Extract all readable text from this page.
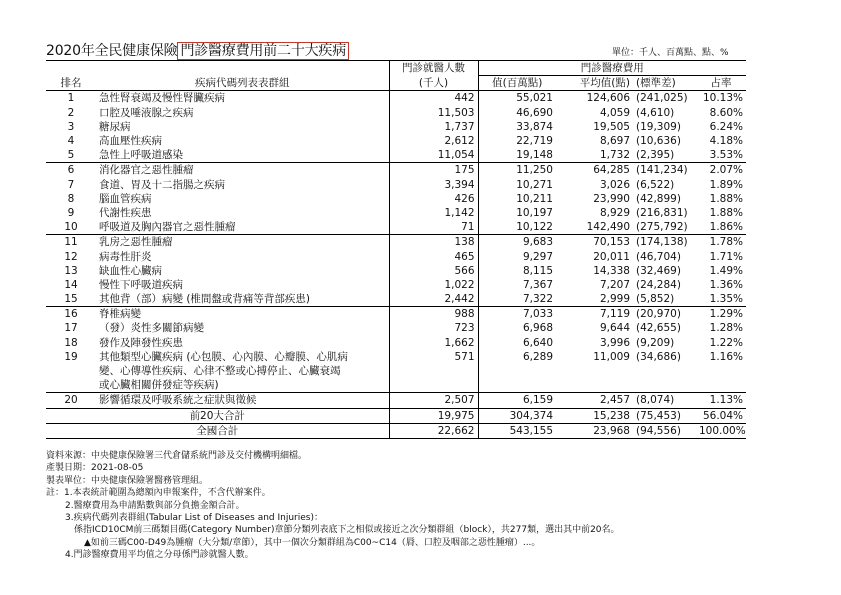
2020年全民健康保險 門診醫療費用前二十大疾病	單位：千人、百萬點、點、%
		門診就醫人數	門診醫療費用			
排名	疾病代碼列表表群組	(千人)	值(百萬點)	平均值(點)	(標準差)	占率
1	急性腎衰竭及慢性腎臟疾病	442	55,021	124,606	(241,025)	10.13%
2	口腔及唾液腺之疾病	11,503	46,690	4,059	(4,610)	8.60%
3	糖尿病	1,737	33,874	19,505	(19,309)	6.24%
4	高血壓性疾病	2,612	22,719	8,697	(10,636)	4.18%
5	急性上呼吸道感染	11,054	19,148	1,732	(2,395)	3.53%
6	消化器官之惡性腫瘤	175	11,250	64,285	(141,234)	2.07%
7	食道、胃及十二指腸之疾病	3,394	10,271	3,026	(6,522)	1.89%
8	腦血管疾病	426	10,211	23,990	(42,899)	1.88%
9	代謝性疾患	1,142	10,197	8,929	(216,831)	1.88%
10	呼吸道及胸內器官之惡性腫瘤	71	10,122	142,490	(275,792)	1.86%
11	乳房之惡性腫瘤	138	9,683	70,153	(174,138)	1.78%
12	病毒性肝炎	465	9,297	20,011	(46,704)	1.71%
13	缺血性心臟病	566	8,115	14,338	(32,469)	1.49%
14	慢性下呼吸道疾病	1,022	7,367	7,207	(24,284)	1.36%
15	其他背（部）病變 (椎間盤或背痛等背部疾患)	2,442	7,322	2,999	(5,852)	1.35%
16	脊椎病變	988	7,033	7,119	(20,970)	1.29%
17	（發）炎性多關節病變	723	6,968	9,644	(42,655)	1.28%
18	發作及陣發性疾患	1,662	6,640	3,996	(9,209)	1.22%
19	其他類型心臟疾病 (心包膜、心內膜、心瓣膜、心肌病	571	6,289	11,009	(34,686)	1.16%
	變、心傳導性疾病、心律不整或心搏停止、心臟衰竭					
	或心臟相關併發症等疾病)					
20	影響循環及呼吸系統之症狀與徵候	2,507	6,159	2,457	(8,074)	1.13%
前20大合計		19,975	304,374	15,238	(75,453)	56.04%
全國合計		22,662	543,155	23,968	(94,556)	100.00%
資料來源：中央健康保險署三代倉儲系統門診及交付機構明細檔。
產製日期：2021-08-05
製表單位：中央健康保險署醫務管理組。
註：1.本表統計範圍為總額內申報案件，不含代辦案件。
2.醫療費用為申請點數與部分負擔金額合計。
3.疾病代碼列表群組(Tabular List of Diseases and Injuries)：
係指ICD10CM前三碼類目碼(Category Number)章節分類列表底下之相似或接近之次分類群組（block），共277類，選出其中前20名。
▲如前三碼C00-D49為腫瘤（大分類/章節），其中一個次分類群組為C00~C14（脣、口腔及咽部之惡性腫瘤）...。
4.門診醫療費用平均值之分母係門診就醫人數。
